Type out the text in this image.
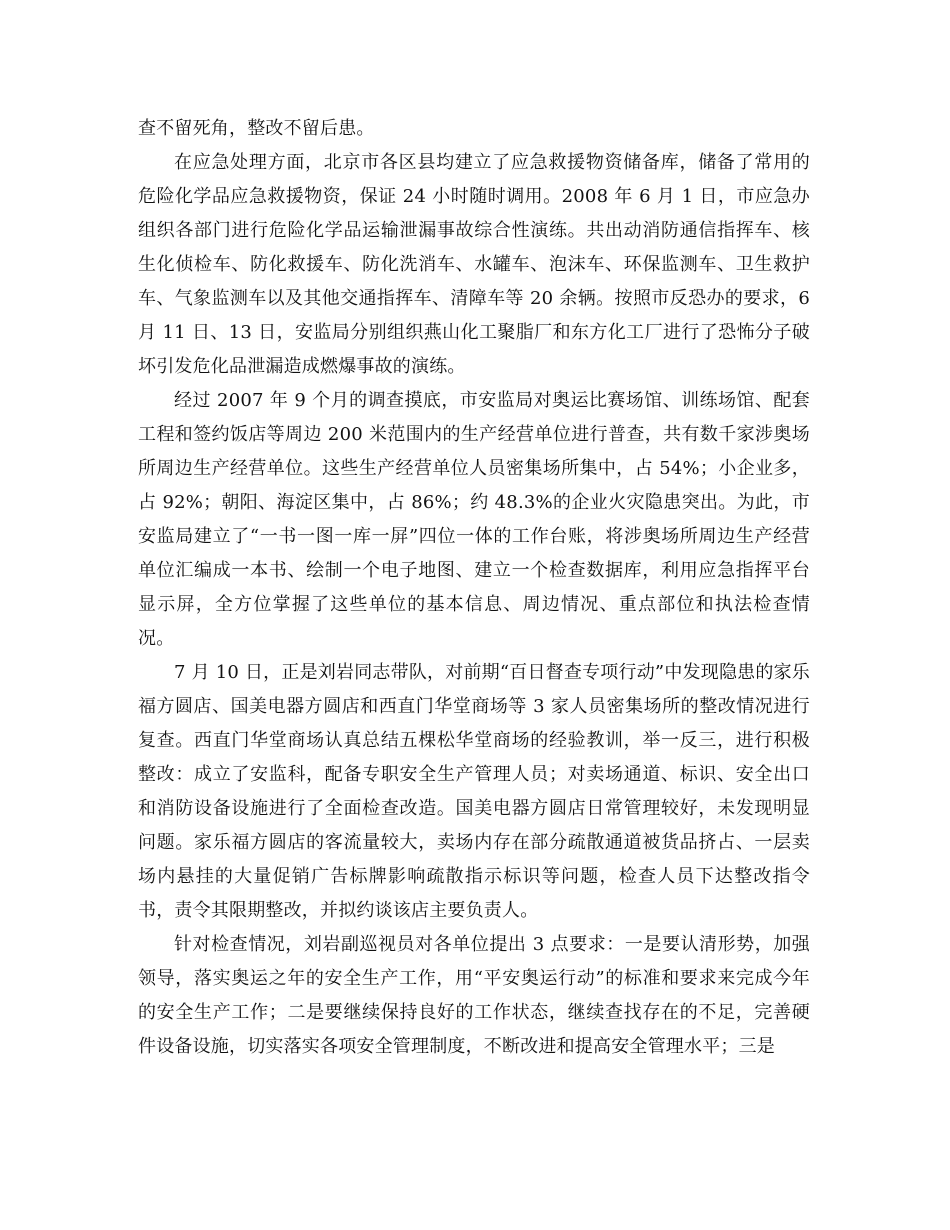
查不留死角，整改不留后患。

在应急处理方面，北京市各区县均建立了应急救援物资储备库，储备了常用的危险化学品应急救援物资，保证 24 小时随时调用。2008 年 6 月 1 日，市应急办组织各部门进行危险化学品运输泄漏事故综合性演练。共出动消防通信指挥车、核生化侦检车、防化救援车、防化洗消车、水罐车、泡沫车、环保监测车、卫生救护车、气象监测车以及其他交通指挥车、清障车等 20 余辆。按照市反恐办的要求，6 月 11 日、13 日，安监局分别组织燕山化工聚脂厂和东方化工厂进行了恐怖分子破坏引发危化品泄漏造成燃爆事故的演练。

经过 2007 年 9 个月的调查摸底，市安监局对奥运比赛场馆、训练场馆、配套工程和签约饭店等周边 200 米范围内的生产经营单位进行普查，共有数千家涉奥场所周边生产经营单位。这些生产经营单位人员密集场所集中，占 54%；小企业多，占 92%；朝阳、海淀区集中，占 86%；约 48.3%的企业火灾隐患突出。为此，市安监局建立了“一书一图一库一屏”四位一体的工作台账，将涉奥场所周边生产经营单位汇编成一本书、绘制一个电子地图、建立一个检查数据库，利用应急指挥平台显示屏，全方位掌握了这些单位的基本信息、周边情况、重点部位和执法检查情况。

7 月 10 日，正是刘岩同志带队，对前期“百日督查专项行动”中发现隐患的家乐福方圆店、国美电器方圆店和西直门华堂商场等 3 家人员密集场所的整改情况进行复查。西直门华堂商场认真总结五棵松华堂商场的经验教训，举一反三，进行积极整改：成立了安监科，配备专职安全生产管理人员；对卖场通道、标识、安全出口和消防设备设施进行了全面检查改造。国美电器方圆店日常管理较好，未发现明显问题。家乐福方圆店的客流量较大，卖场内存在部分疏散通道被货品挤占、一层卖场内悬挂的大量促销广告标牌影响疏散指示标识等问题，检查人员下达整改指令书，责令其限期整改，并拟约谈该店主要负责人。

针对检查情况，刘岩副巡视员对各单位提出 3 点要求：一是要认清形势，加强领导，落实奥运之年的安全生产工作，用“平安奥运行动”的标准和要求来完成今年的安全生产工作；二是要继续保持良好的工作状态，继续查找存在的不足，完善硬件设备设施，切实落实各项安全管理制度，不断改进和提高安全管理水平；三是
